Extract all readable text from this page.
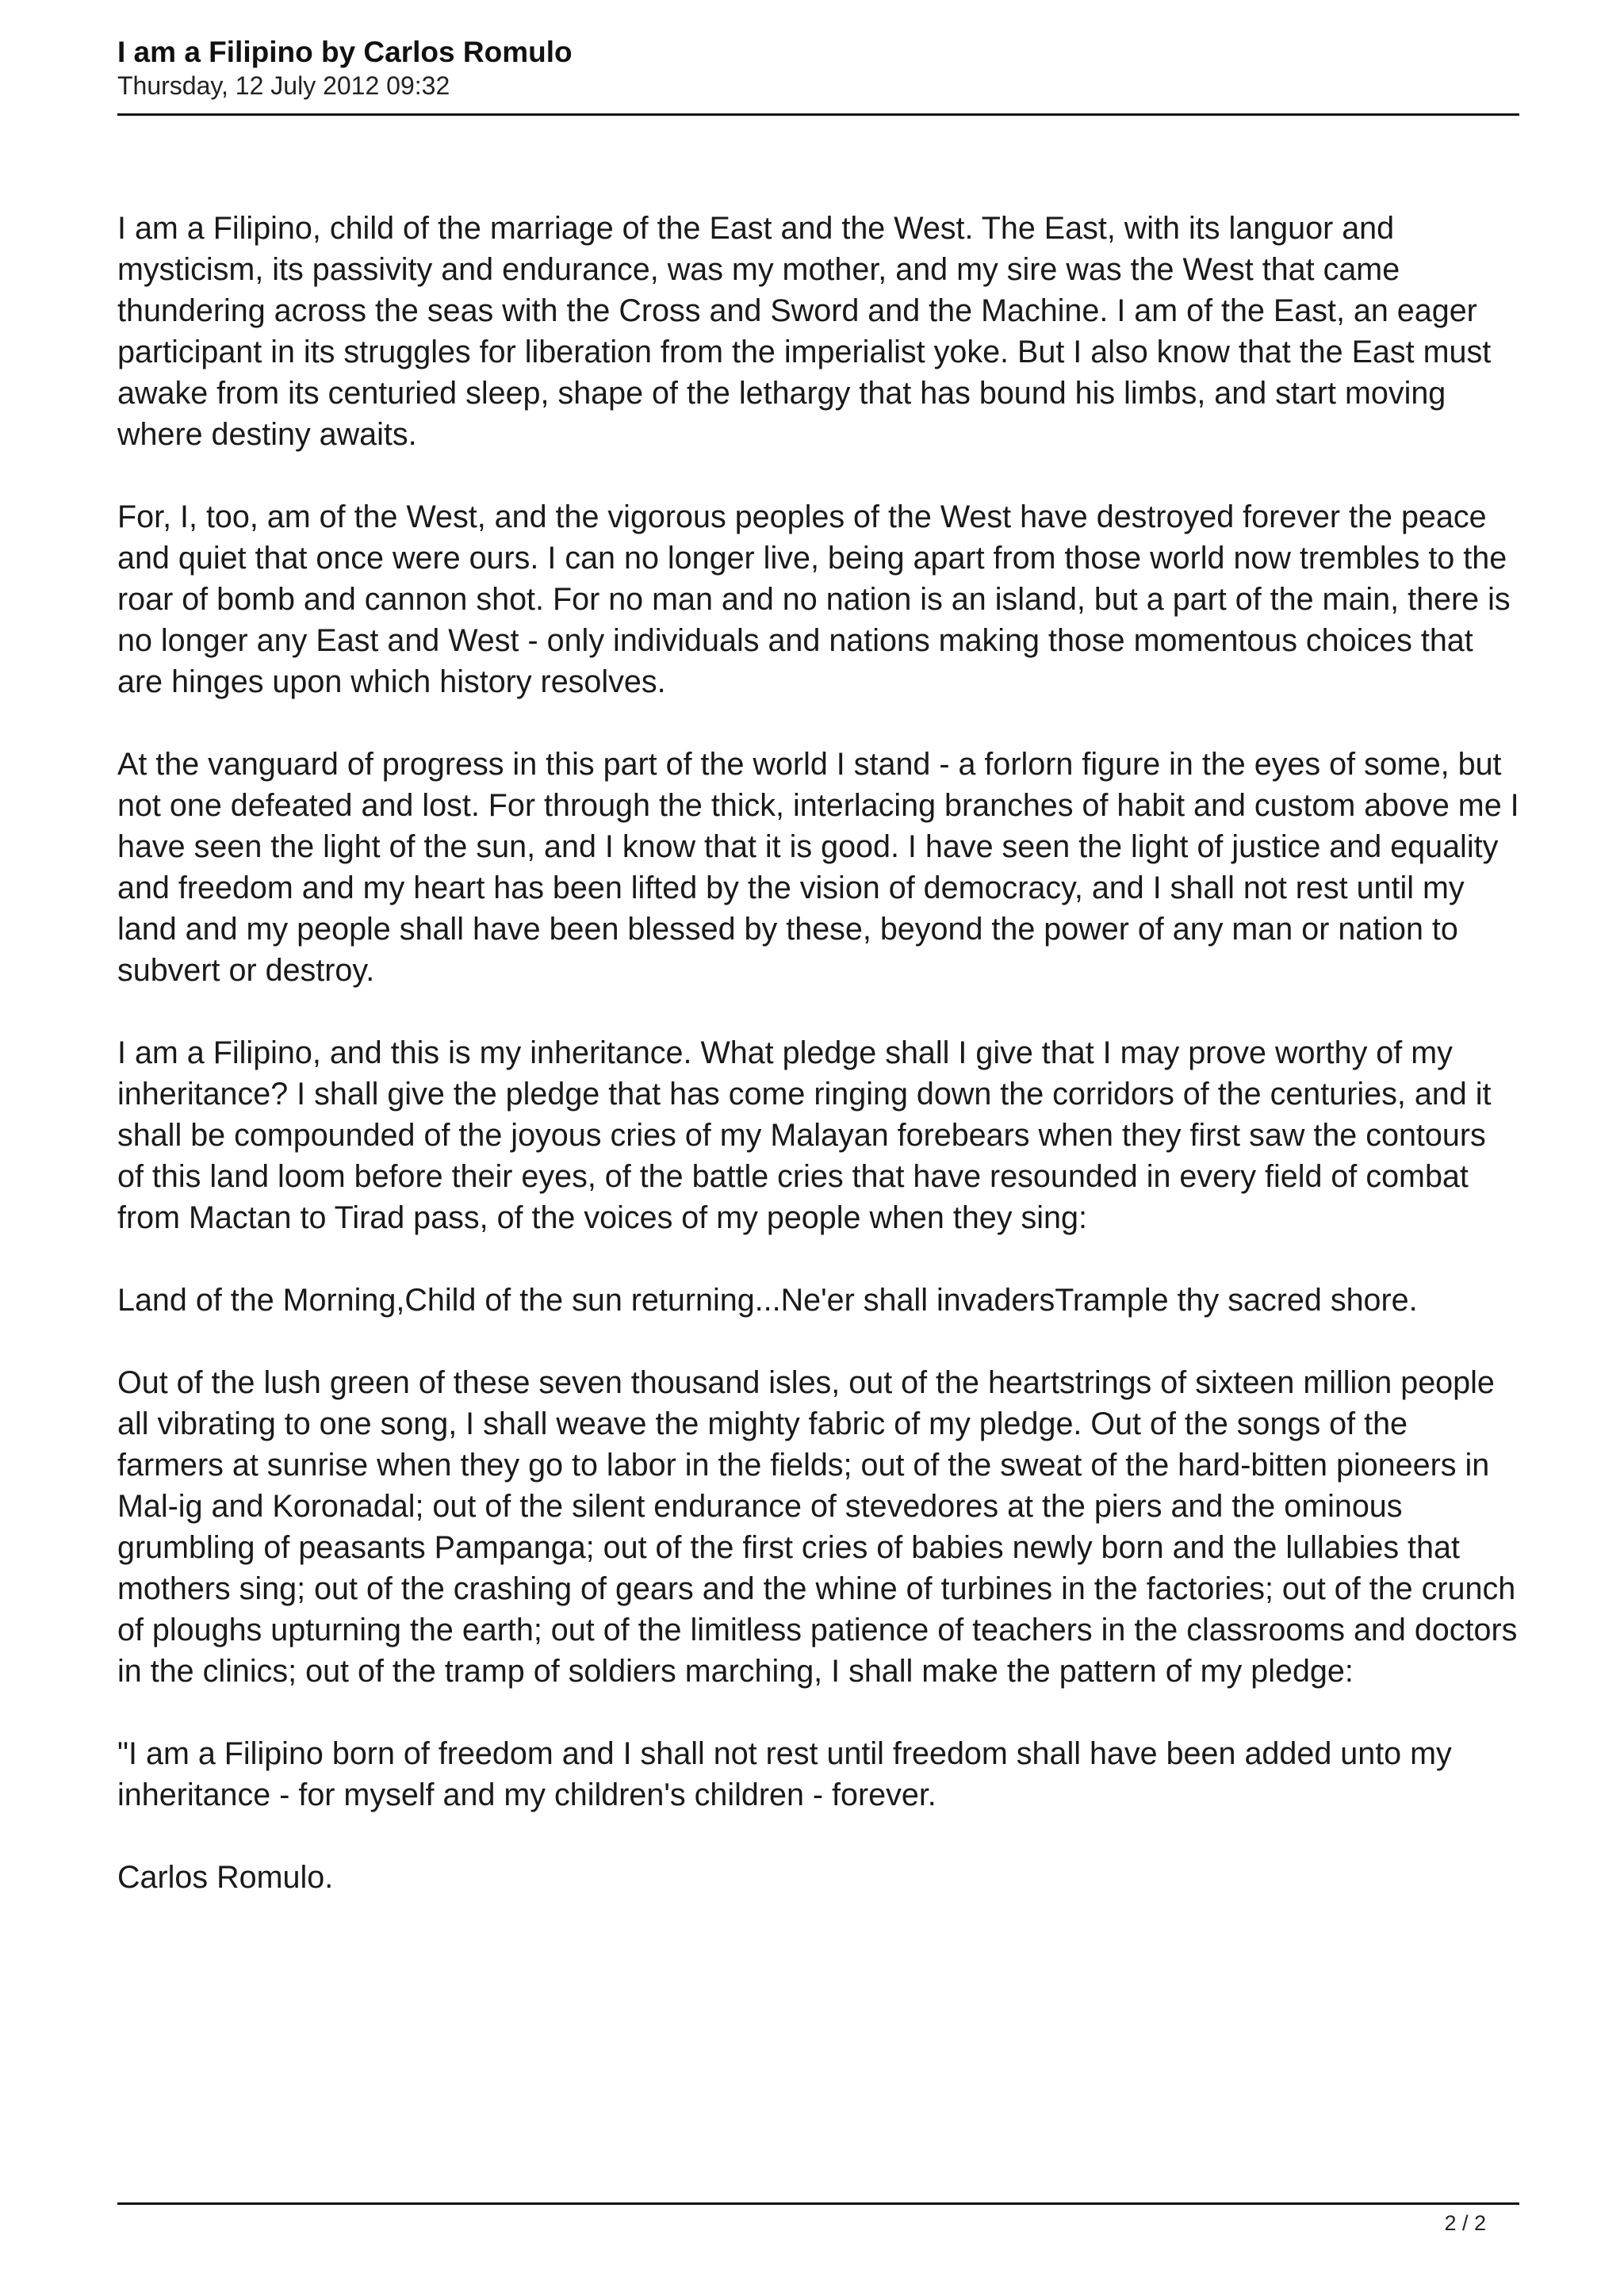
I am a Filipino by Carlos Romulo

Thursday, 12 July 2012 09:32

I am a Filipino, child of the marriage of the East and the West. The East, with its languor and mysticism, its passivity and endurance, was my mother, and my sire was the West that came thundering across the seas with the Cross and Sword and the Machine. I am of the East, an eager participant in its struggles for liberation from the imperialist yoke. But I also know that the East must awake from its centuried sleep, shape of the lethargy that has bound his limbs, and start moving where destiny awaits.

For, I, too, am of the West, and the vigorous peoples of the West have destroyed forever the peace and quiet that once were ours. I can no longer live, being apart from those world now trembles to the roar of bomb and cannon shot. For no man and no nation is an island, but a part of the main, there is no longer any East and West - only individuals and nations making those momentous choices that are hinges upon which history resolves.

At the vanguard of progress in this part of the world I stand - a forlorn figure in the eyes of some, but not one defeated and lost. For through the thick, interlacing branches of habit and custom above me I have seen the light of the sun, and I know that it is good. I have seen the light of justice and equality and freedom and my heart has been lifted by the vision of democracy, and I shall not rest until my land and my people shall have been blessed by these, beyond the power of any man or nation to subvert or destroy.

I am a Filipino, and this is my inheritance. What pledge shall I give that I may prove worthy of my inheritance? I shall give the pledge that has come ringing down the corridors of the centuries, and it shall be compounded of the joyous cries of my Malayan forebears when they first saw the contours of this land loom before their eyes, of the battle cries that have resounded in every field of combat from Mactan to Tirad pass, of the voices of my people when they sing:

Land of the Morning,Child of the sun returning...Ne'er shall invadersTrample thy sacred shore.

Out of the lush green of these seven thousand isles, out of the heartstrings of sixteen million people all vibrating to one song, I shall weave the mighty fabric of my pledge. Out of the songs of the farmers at sunrise when they go to labor in the fields; out of the sweat of the hard-bitten pioneers in Mal-ig and Koronadal; out of the silent endurance of stevedores at the piers and the ominous grumbling of peasants Pampanga; out of the first cries of babies newly born and the lullabies that mothers sing; out of the crashing of gears and the whine of turbines in the factories; out of the crunch of ploughs upturning the earth; out of the limitless patience of teachers in the classrooms and doctors in the clinics; out of the tramp of soldiers marching, I shall make the pattern of my pledge:

"I am a Filipino born of freedom and I shall not rest until freedom shall have been added unto my inheritance - for myself and my children's children - forever.

Carlos Romulo.

2 / 2
